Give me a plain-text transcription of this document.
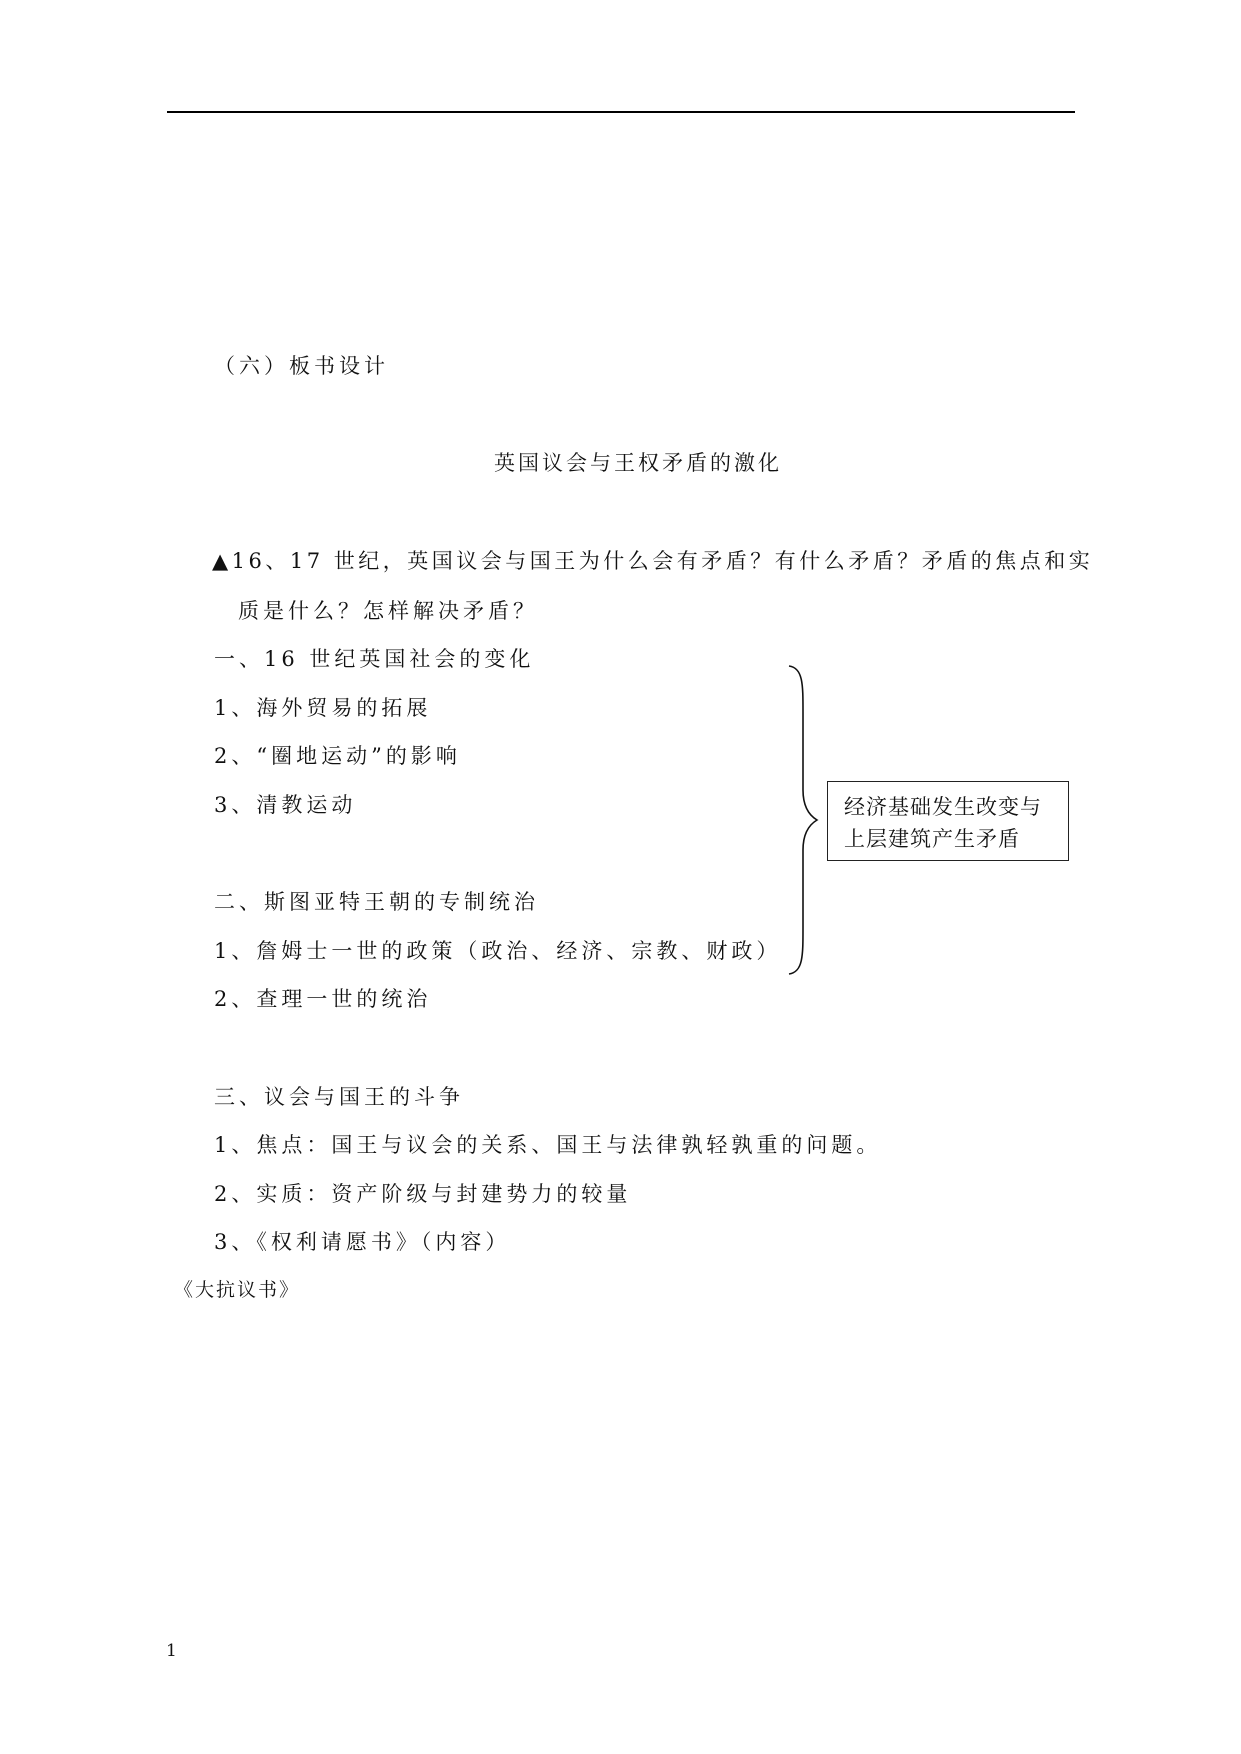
（六）板书设计
英国议会与王权矛盾的激化
▲16、17 世纪，英国议会与国王为什么会有矛盾？有什么矛盾？矛盾的焦点和实
质是什么？怎样解决矛盾？
一、16 世纪英国社会的变化
1、海外贸易的拓展
2、“圈地运动”的影响
3、清教运动
二、斯图亚特王朝的专制统治
1、詹姆士一世的政策（政治、经济、宗教、财政）
2、查理一世的统治
三、议会与国王的斗争
1、焦点：国王与议会的关系、国王与法律孰轻孰重的问题。
2、实质：资产阶级与封建势力的较量
3、《权利请愿书》（内容）
《大抗议书》
经济基础发生改变与
上层建筑产生矛盾
1
